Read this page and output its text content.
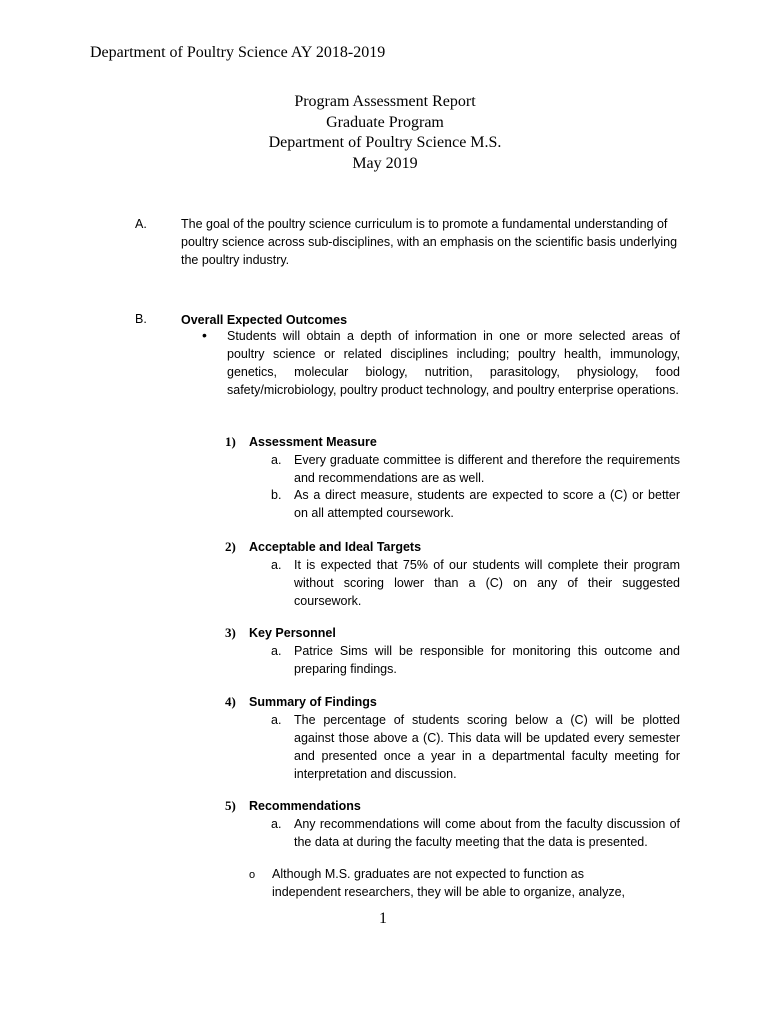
Department of Poultry Science AY 2018-2019
Program Assessment Report
Graduate Program
Department of Poultry Science M.S.
May 2019
A.	The goal of the poultry science curriculum is to promote a fundamental understanding of poultry science across sub-disciplines, with an emphasis on the scientific basis underlying the poultry industry.
B.	Overall Expected Outcomes
• Students will obtain a depth of information in one or more selected areas of poultry science or related disciplines including; poultry health, immunology, genetics, molecular biology, nutrition, parasitology, physiology, food safety/microbiology, poultry product technology, and poultry enterprise operations.
1) Assessment Measure
a. Every graduate committee is different and therefore the requirements and recommendations are as well.
b. As a direct measure, students are expected to score a (C) or better on all attempted coursework.
2) Acceptable and Ideal Targets
a. It is expected that 75% of our students will complete their program without scoring lower than a (C) on any of their suggested coursework.
3) Key Personnel
a. Patrice Sims will be responsible for monitoring this outcome and preparing findings.
4) Summary of Findings
a. The percentage of students scoring below a (C) will be plotted against those above a (C). This data will be updated every semester and presented once a year in a departmental faculty meeting for interpretation and discussion.
5) Recommendations
a. Any recommendations will come about from the faculty discussion of the data at during the faculty meeting that the data is presented.
o Although M.S. graduates are not expected to function as
independent researchers, they will be able to organize, analyze,
1
